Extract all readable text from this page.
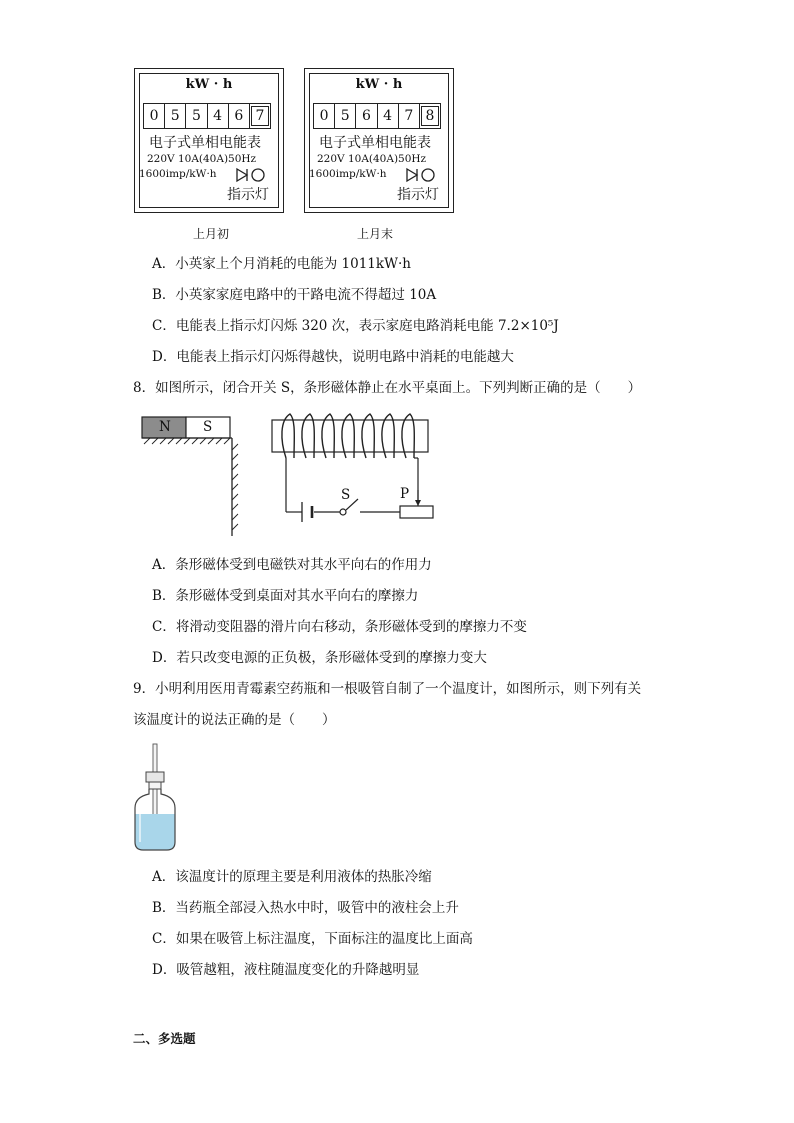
kW · h
0 5 5 4 6 7
电子式单相电能表
220V 10A(40A)50Hz
1600imp/kW·h
指示灯
上月初
kW · h
0 5 6 4 7 8
电子式单相电能表
220V 10A(40A)50Hz
1600imp/kW·h
指示灯
上月末
A．小英家上个月消耗的电能为 1011kW·h
B．小英家家庭电路中的干路电流不得超过 10A
C．电能表上指示灯闪烁 320 次，表示家庭电路消耗电能 7.2×10⁵J
D．电能表上指示灯闪烁得越快，说明电路中消耗的电能越大
8．如图所示，闭合开关 S，条形磁体静止在水平桌面上。下列判断正确的是（　　）
N S
S	P
A．条形磁体受到电磁铁对其水平向右的作用力
B．条形磁体受到桌面对其水平向右的摩擦力
C．将滑动变阻器的滑片向右移动，条形磁体受到的摩擦力不变
D．若只改变电源的正负极，条形磁体受到的摩擦力变大
9．小明利用医用青霉素空药瓶和一根吸管自制了一个温度计，如图所示，则下列有关
该温度计的说法正确的是（　　）
A．该温度计的原理主要是利用液体的热胀冷缩
B．当药瓶全部浸入热水中时，吸管中的液柱会上升
C．如果在吸管上标注温度，下面标注的温度比上面高
D．吸管越粗，液柱随温度变化的升降越明显
二、多选题
